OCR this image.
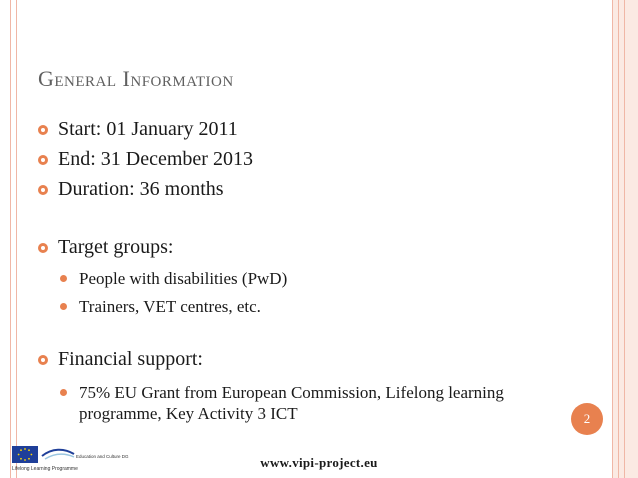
General Information
Start: 01 January 2011
End: 31 December 2013
Duration: 36 months
Target groups:
People with disabilities (PwD)
Trainers, VET centres, etc.
Financial support:
75% EU Grant from European Commission, Lifelong learning programme, Key Activity 3 ICT	2
Education and Culture DG
Lifelong Learning Programme	www.vipi-project.eu
